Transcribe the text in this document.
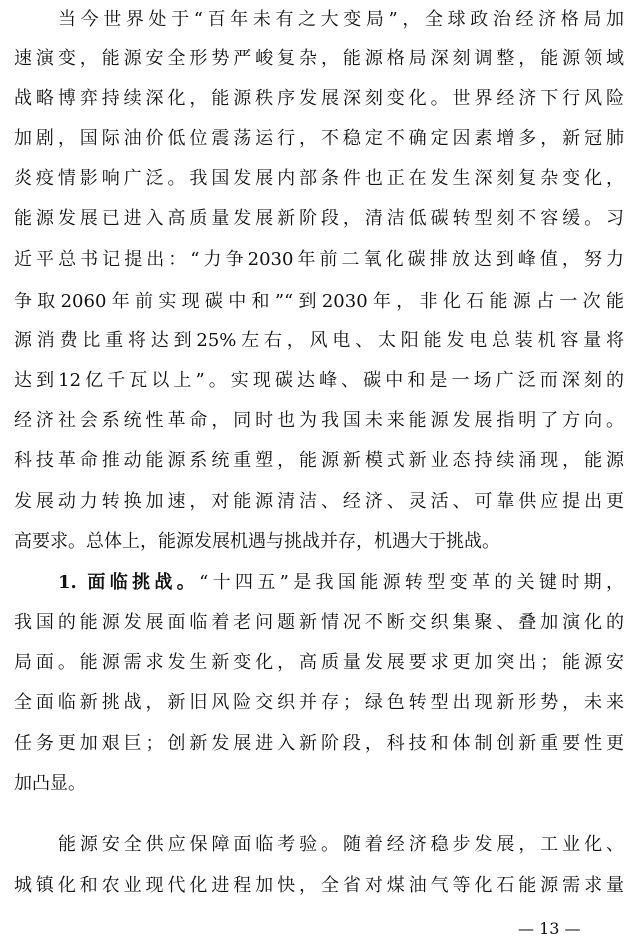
当今世界处于“百年未有之大变局”，全球政治经济格局加
速演变，能源安全形势严峻复杂，能源格局深刻调整，能源领域
战略博弈持续深化，能源秩序发展深刻变化。世界经济下行风险
加剧，国际油价低位震荡运行，不稳定不确定因素增多，新冠肺
炎疫情影响广泛。我国发展内部条件也正在发生深刻复杂变化，
能源发展已进入高质量发展新阶段，清洁低碳转型刻不容缓。习
近平总书记提出：“力争2030年前二氧化碳排放达到峰值，努力
争取2060年前实现碳中和”“到2030年，非化石能源占一次能
源消费比重将达到25%左右，风电、太阳能发电总装机容量将
达到12亿千瓦以上”。实现碳达峰、碳中和是一场广泛而深刻的
经济社会系统性革命，同时也为我国未来能源发展指明了方向。
科技革命推动能源系统重塑，能源新模式新业态持续涌现，能源
发展动力转换加速，对能源清洁、经济、灵活、可靠供应提出更
高要求。总体上，能源发展机遇与挑战并存，机遇大于挑战。
1. 面临挑战。“十四五”是我国能源转型变革的关键时期，
我国的能源发展面临着老问题新情况不断交织集聚、叠加演化的
局面。能源需求发生新变化，高质量发展要求更加突出；能源安
全面临新挑战，新旧风险交织并存；绿色转型出现新形势，未来
任务更加艰巨；创新发展进入新阶段，科技和体制创新重要性更
加凸显。
能源安全供应保障面临考验。随着经济稳步发展，工业化、
城镇化和农业现代化进程加快，全省对煤油气等化石能源需求量
— 13 —
